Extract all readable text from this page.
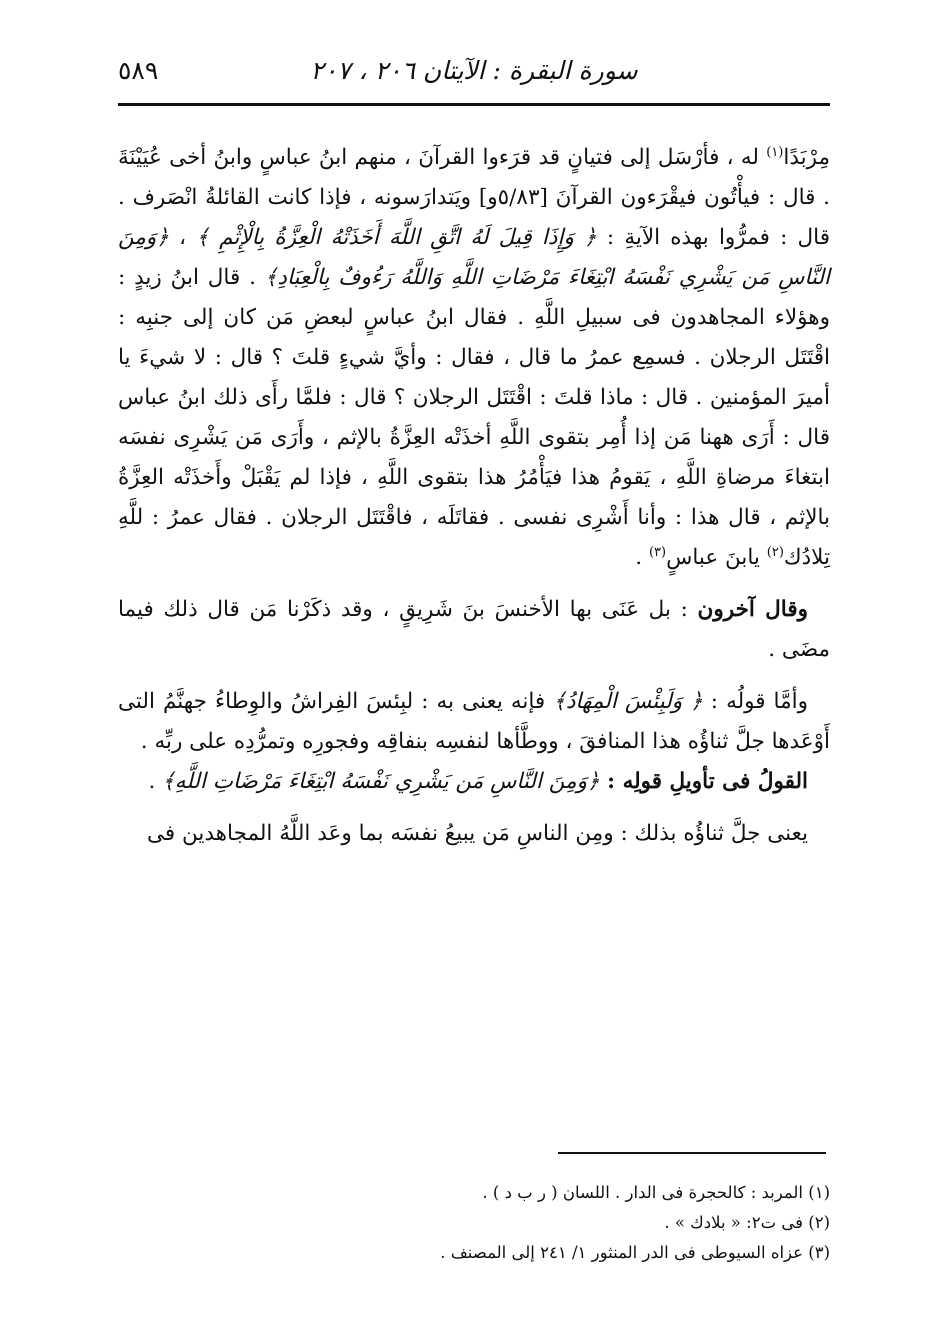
سورة البقرة : الآيتان ٢٠٦ ، ٢٠٧
٥٨٩

مِرْبَدًا$^{(١)}$ له ، فأرْسَل إلى فتيانٍ قد قرَءوا القرآنَ ، منهم ابنُ عباسٍ وابنُ أخى عُيَيْنَةَ . قال : فيأْتُون فيقْرَءون القرآنَ [٥/٨٣و] ويَتدارَسونه ، فإذا كانت القائلةُ انْصَرف . قال : فمرُّوا بهذه الآيةِ : ﴿ وَإِذَا قِيلَ لَهُ اتَّقِ اللَّهَ أَخَذَتْهُ الْعِزَّةُ بِالْإِثْمِ ﴾ ، ﴿وَمِنَ النَّاسِ مَن يَشْرِي نَفْسَهُ ابْتِغَاءَ مَرْضَاتِ اللَّهِ وَاللَّهُ رَءُوفٌ بِالْعِبَادِ﴾ . قال ابنُ زيدٍ : وهؤلاء المجاهدون فى سبيلِ اللَّهِ . فقال ابنُ عباسٍ لبعضِ مَن كان إلى جنبِه : اقْتَتَل الرجلان . فسمِع عمرُ ما قال ، فقال : وأيَّ شيءٍ قلتَ ؟ قال : لا شيءَ يا أميرَ المؤمنين . قال : ماذا قلتَ : اقْتَتَل الرجلان ؟ قال : فلمَّا رأَى ذلك ابنُ عباس قال : أَرَى ههنا مَن إذا أُمِر بتقوى اللَّهِ أخذَتْه العِزَّةُ بالإثم ، وأَرَى مَن يَشْرِى نفسَه ابتغاءَ مرضاةِ اللَّهِ ، يَقومُ هذا فيَأْمُرُ هذا بتقوى اللَّهِ ، فإذا لم يَقْبَلْ وأَخذَتْه العِزَّةُ بالإثم ، قال هذا : وأنا أَشْرِى نفسى . فقاتَلَه ، فاقْتَتَل الرجلان . فقال عمرُ : للَّهِ تِلادُك$^{(٢)}$ يابنَ عباسٍ$^{(٣)}$ .

وقال آخرون : بل عَنَى بها الأخنسَ بنَ شَرِيقٍ ، وقد ذكَرْنا مَن قال ذلك فيما مضَى .

وأمَّا قولُه : ﴿ وَلَبِئْسَ الْمِهَادُ﴾ فإنه يعنى به : لبِئسَ الفِراشُ والوِطاءُ جهنَّمُ التى أَوْعَدها جلَّ ثناؤُه هذا المنافقَ ، ووطَّأها لنفسِه بنفاقِه وفجورِه وتمرُّدِه على ربِّه .

القولُ فى تأويلِ قولِه : ﴿وَمِنَ النَّاسِ مَن يَشْرِي نَفْسَهُ ابْتِغَاءَ مَرْضَاتِ اللَّهِ﴾ .

يعنى جلَّ ثناؤُه بذلك : ومِن الناسِ مَن يبيعُ نفسَه بما وعَد اللَّهُ المجاهدين فى

(١) المربد : كالحجرة فى الدار . اللسان ( ر ب د ) .
(٢) فى ت٢: « بلادك » .
(٣) عزاه السيوطى فى الدر المنثور ١/ ٢٤١ إلى المصنف .
